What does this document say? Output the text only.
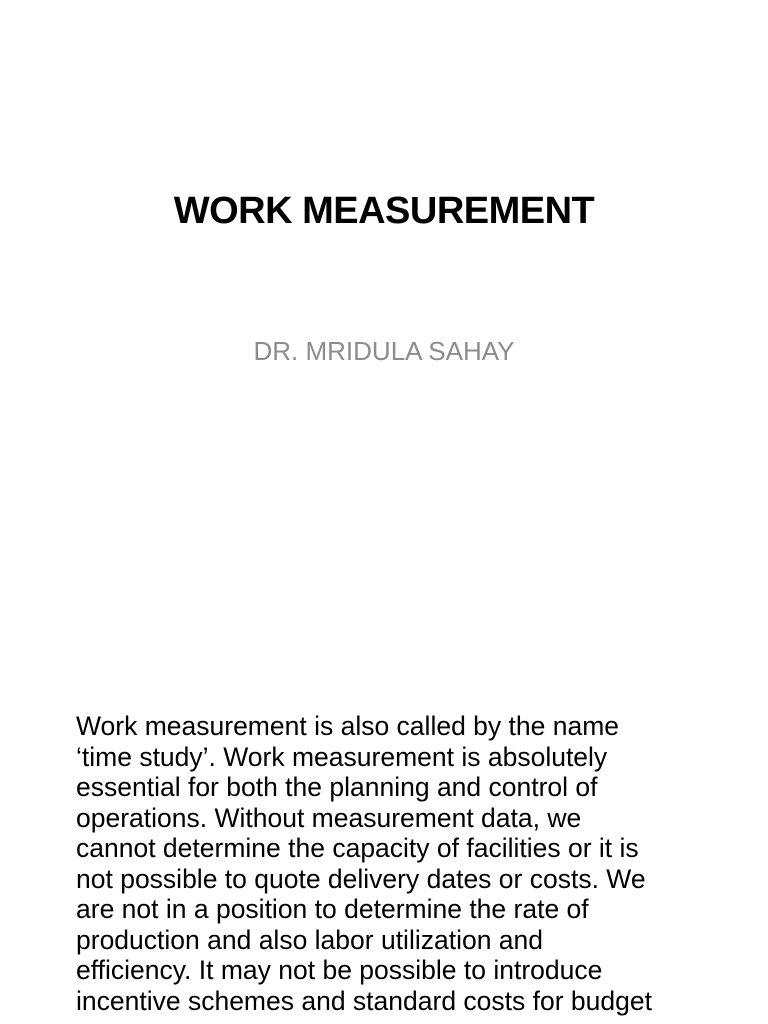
WORK MEASUREMENT

DR. MRIDULA SAHAY

Work measurement is also called by the name
‘time study’. Work measurement is absolutely
essential for both the planning and control of
operations. Without measurement data, we
cannot determine the capacity of facilities or it is
not possible to quote delivery dates or costs. We
are not in a position to determine the rate of
production and also labor utilization and
efficiency. It may not be possible to introduce
incentive schemes and standard costs for budget
